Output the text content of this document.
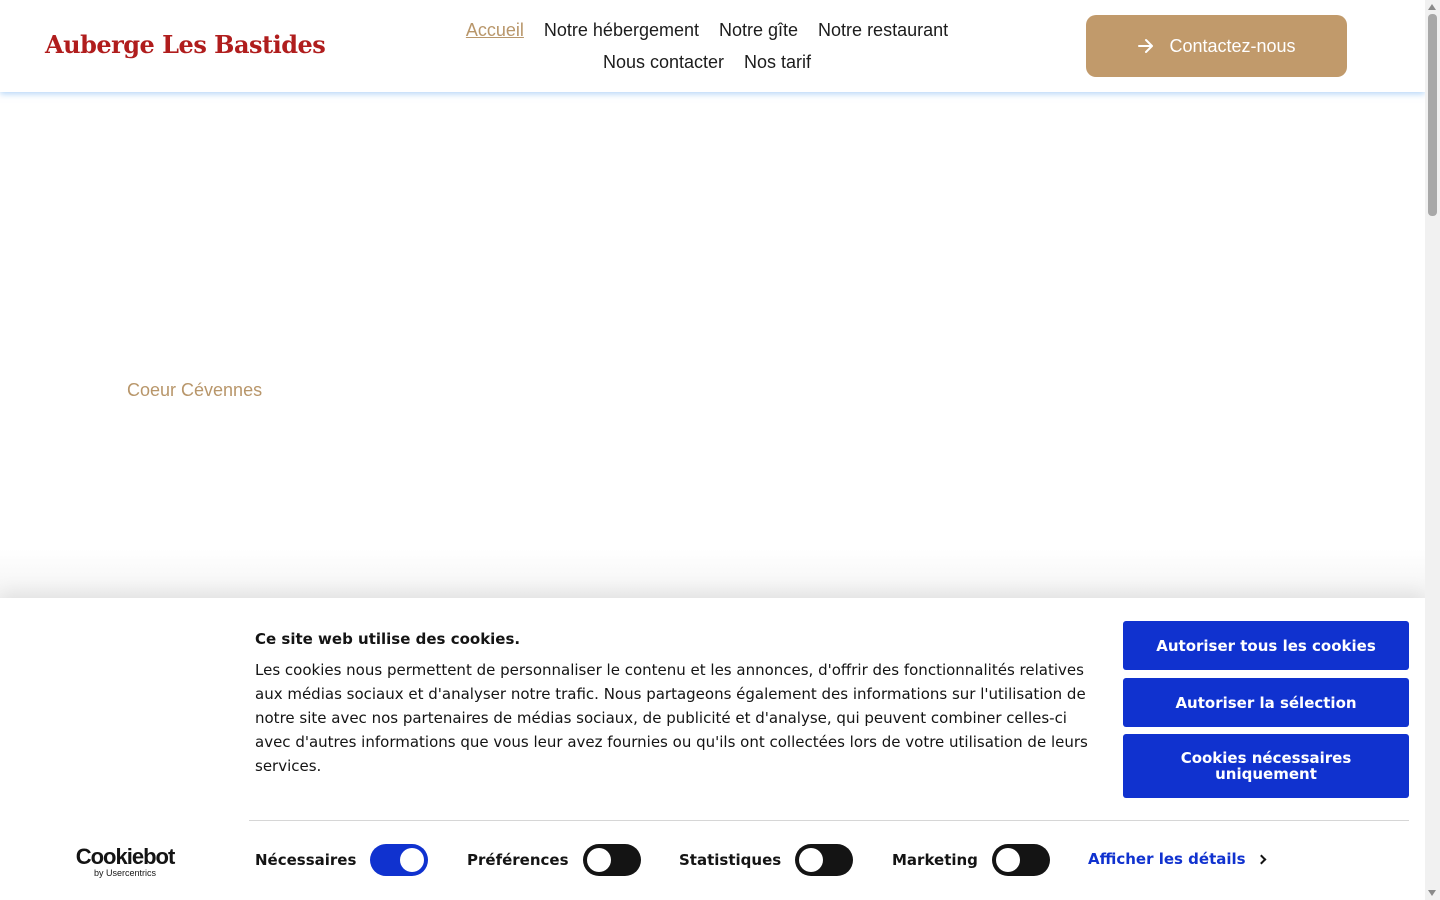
Auberge Les Bastides	Accueil	Notre hébergement	Notre gîte	Notre restaurant
Nous contacter	Nos tarif
Contactez-nous
Coeur Cévennes
Ce site web utilise des cookies.
Les cookies nous permettent de personnaliser le contenu et les annonces, d'offrir des fonctionnalités relatives aux médias sociaux et d'analyser notre trafic. Nous partageons également des informations sur l'utilisation de notre site avec nos partenaires de médias sociaux, de publicité et d'analyse, qui peuvent combiner celles-ci avec d'autres informations que vous leur avez fournies ou qu'ils ont collectées lors de votre utilisation de leurs services.
Autoriser tous les cookies
Autoriser la sélection
Cookies nécessaires uniquement
Cookiebot
by Usercentrics
Nécessaires	Préférences	Statistiques	Marketing	Afficher les détails
